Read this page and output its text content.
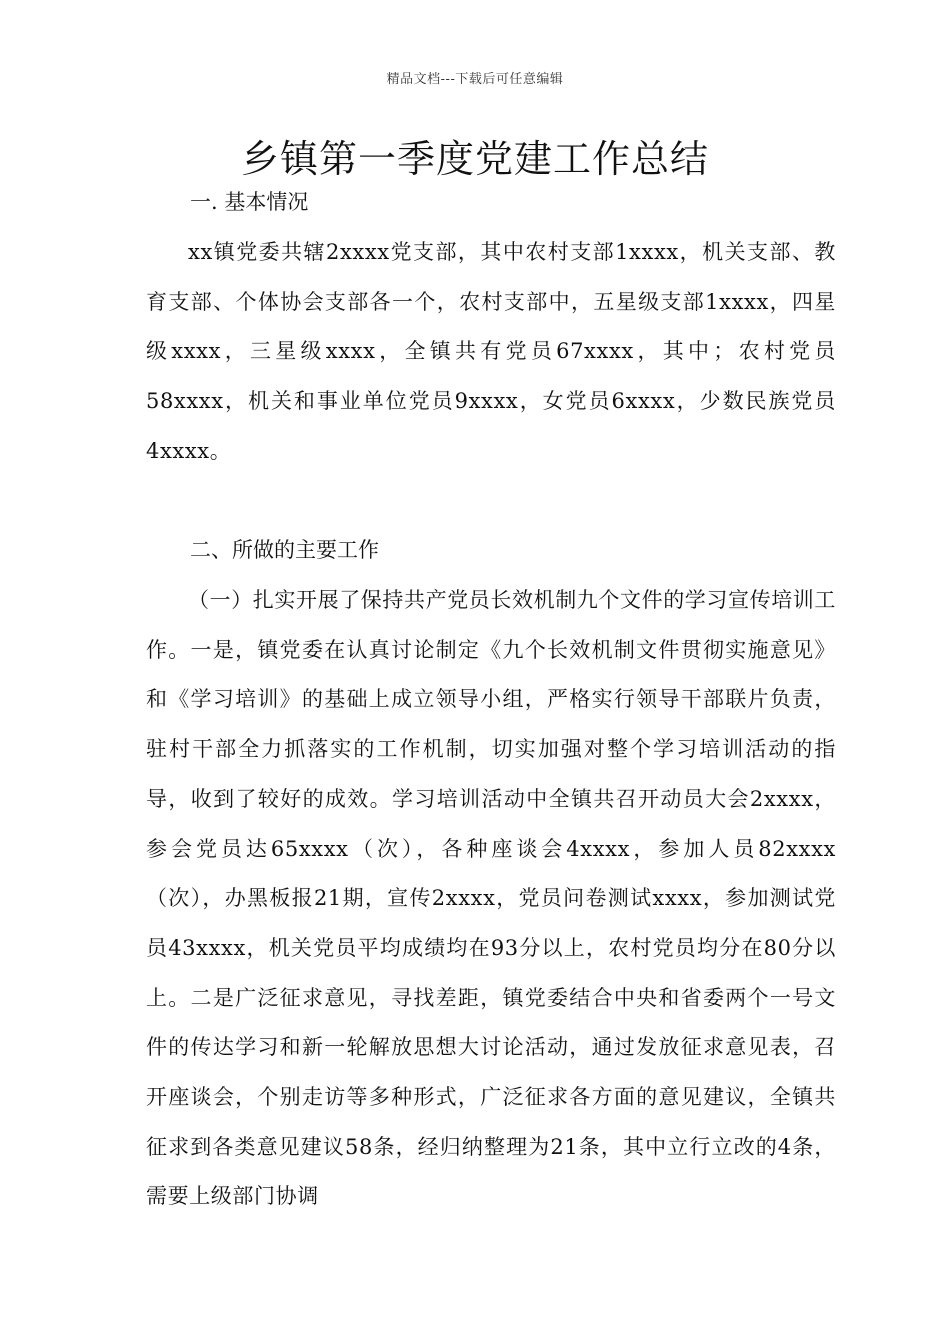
精品文档---下载后可任意编辑
乡镇第一季度党建工作总结
一. 基本情况

xx镇党委共辖2xxxx党支部，其中农村支部1xxxx，机关支部、教育支部、个体协会支部各一个，农村支部中，五星级支部1xxxx，四星级xxxx，三星级xxxx，全镇共有党员67xxxx，其中；农村党员58xxxx，机关和事业单位党员9xxxx，女党员6xxxx，少数民族党员4xxxx。

二、所做的主要工作

（一）扎实开展了保持共产党员长效机制九个文件的学习宣传培训工作。一是，镇党委在认真讨论制定《九个长效机制文件贯彻实施意见》和《学习培训》的基础上成立领导小组，严格实行领导干部联片负责，驻村干部全力抓落实的工作机制，切实加强对整个学习培训活动的指导，收到了较好的成效。学习培训活动中全镇共召开动员大会2xxxx，参会党员达65xxxx（次），各种座谈会4xxxx，参加人员82xxxx（次），办黑板报21期，宣传2xxxx，党员问卷测试xxxx，参加测试党员43xxxx，机关党员平均成绩均在93分以上，农村党员均分在80分以上。二是广泛征求意见，寻找差距，镇党委结合中央和省委两个一号文件的传达学习和新一轮解放思想大讨论活动，通过发放征求意见表，召开座谈会，个别走访等多种形式，广泛征求各方面的意见建议，全镇共征求到各类意见建议58条，经归纳整理为21条，其中立行立改的4条，需要上级部门协调
